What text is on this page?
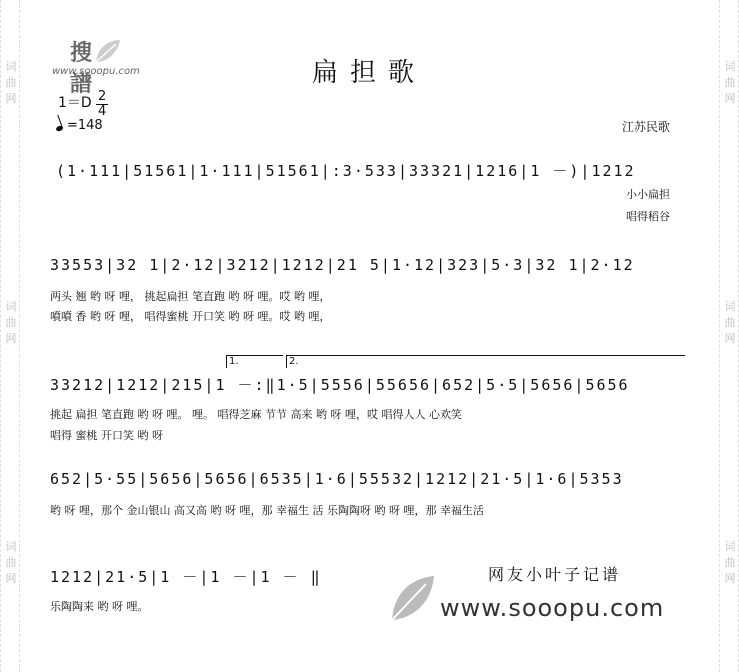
词
曲
网
词
曲
网
词
曲
网
词
曲
网
词
曲
网
词
曲
网
搜 譜
www.sooopu.com	扁担歌
1＝D 2
4
=148	江苏民歌
(1·111|51561|1·111|51561|:3·533|33321|1216|1 －)|1212
小小扁担
唱得稻谷
33553|32 1|2·12|3212|1212|21 5|1·12|323|5·3|32 1|2·12
两头 翘 哟 呀 哩， 挑起扁担 笔直跑 哟 呀 哩。哎 哟 哩，
噴噴 香 哟 呀 哩， 唱得蜜桃 开口笑 哟 呀 哩。哎 哟 哩，
1.	2.
33212|1212|215|1 －:‖1·5|5556|55656|652|5·5|5656|5656
挑起 扁担 笔直跑 哟 呀 哩。 哩。 唱得芝麻 节节 高来 哟 呀 哩，哎 唱得人人 心欢笑
唱得 蜜桃 开口笑 哟 呀
652|5·55|5656|5656|6535|1·6|55532|1212|21·5|1·6|5353
哟 呀 哩，那个 金山银山 高又高 哟 呀 哩，那 幸福生 活 乐陶陶呀 哟 呀 哩，那 幸福生活
1212|21·5|1 －|1 －|1 － ‖
乐陶陶来 哟 呀 哩。
网友小叶子记谱
www.sooopu.com
